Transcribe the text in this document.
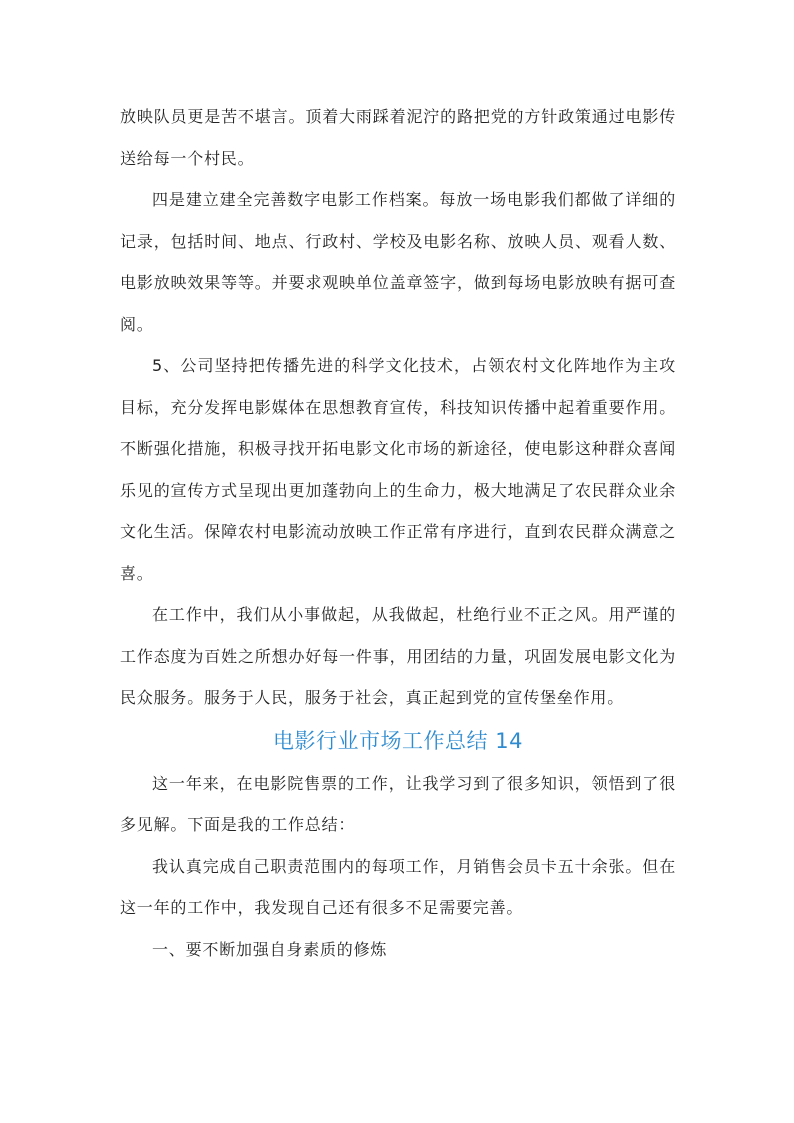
放映队员更是苦不堪言。顶着大雨踩着泥泞的路把党的方针政策通过电影传送给每一个村民。

四是建立建全完善数字电影工作档案。每放一场电影我们都做了详细的记录，包括时间、地点、行政村、学校及电影名称、放映人员、观看人数、电影放映效果等等。并要求观映单位盖章签字，做到每场电影放映有据可查阅。

5、公司坚持把传播先进的科学文化技术，占领农村文化阵地作为主攻目标，充分发挥电影媒体在思想教育宣传，科技知识传播中起着重要作用。不断强化措施，积极寻找开拓电影文化市场的新途径，使电影这种群众喜闻乐见的宣传方式呈现出更加蓬勃向上的生命力，极大地满足了农民群众业余文化生活。保障农村电影流动放映工作正常有序进行，直到农民群众满意之喜。

在工作中，我们从小事做起，从我做起，杜绝行业不正之风。用严谨的工作态度为百姓之所想办好每一件事，用团结的力量，巩固发展电影文化为民众服务。服务于人民，服务于社会，真正起到党的宣传堡垒作用。

电影行业市场工作总结 14

这一年来，在电影院售票的工作，让我学习到了很多知识，领悟到了很多见解。下面是我的工作总结：

我认真完成自己职责范围内的每项工作，月销售会员卡五十余张。但在这一年的工作中，我发现自己还有很多不足需要完善。

一、要不断加强自身素质的修炼
